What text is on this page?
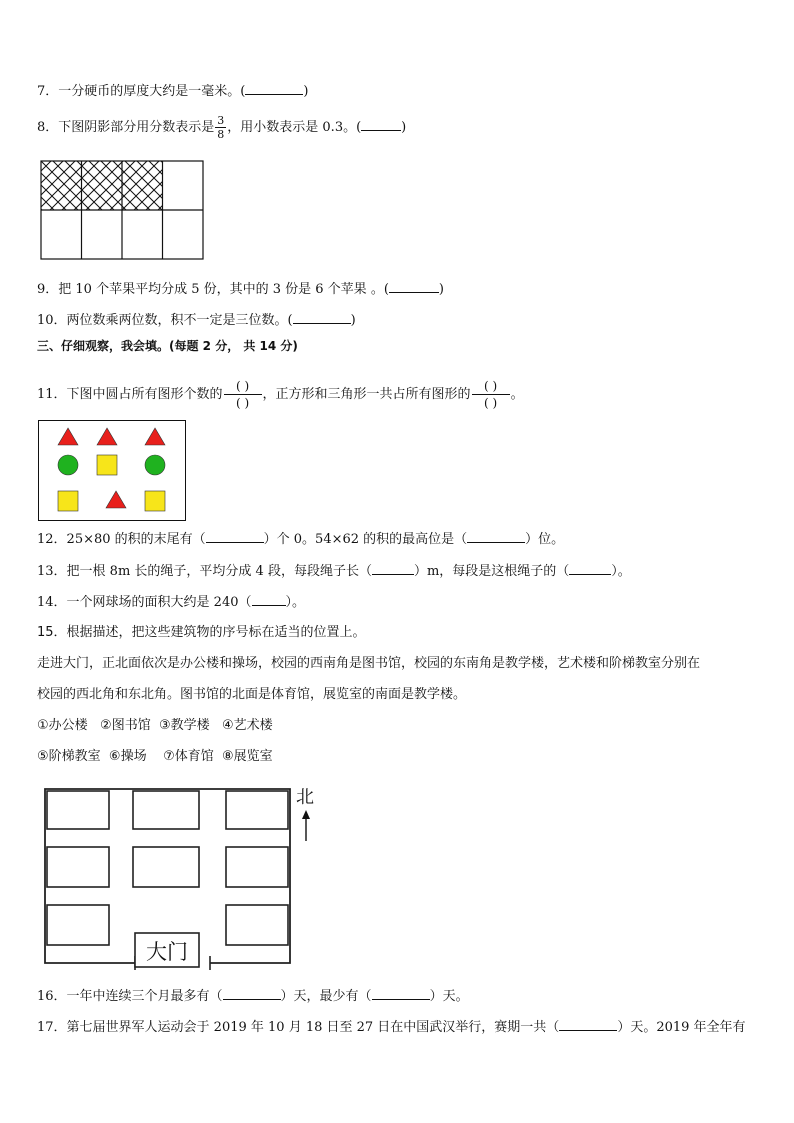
7．一分硬币的厚度大约是一毫米。(	)
8．下图阴影部分用分数表示是 $\frac{3}{8}$ ，用小数表示是 0.3。(	)
9．把 10 个苹果平均分成 5 份，其中的 3 份是 6 个苹果 。(	)
10．两位数乘两位数，积不一定是三位数。(	)
三、仔细观察，我会填。(每题 2 分， 共 14 分)
11．下图中圆占所有图形个数的 $\frac{( )}{( )}$ ，正方形和三角形一共占所有图形的 $\frac{( )}{( )}$ 。
12．25×80 的积的末尾有（	）个 0。54×62 的积的最高位是（	）位。
13．把一根 8m 长的绳子，平均分成 4 段，每段绳子长（	）m，每段是这根绳子的（	）。
14．一个网球场的面积大约是 240（	）。
15．根据描述，把这些建筑物的序号标在适当的位置上。
走进大门，正北面依次是办公楼和操场，校园的西南角是图书馆，校园的东南角是教学楼，艺术楼和阶梯教室分别在
校园的西北角和东北角。图书馆的北面是体育馆，展览室的南面是教学楼。
①办公楼   ②图书馆  ③教学楼   ④艺术楼
⑤阶梯教室  ⑥操场    ⑦体育馆  ⑧展览室
大门
北
16．一年中连续三个月最多有（	）天，最少有（	）天。
17．第七届世界军人运动会于 2019 年 10 月 18 日至 27 日在中国武汉举行，赛期一共（	）天。2019 年全年有
